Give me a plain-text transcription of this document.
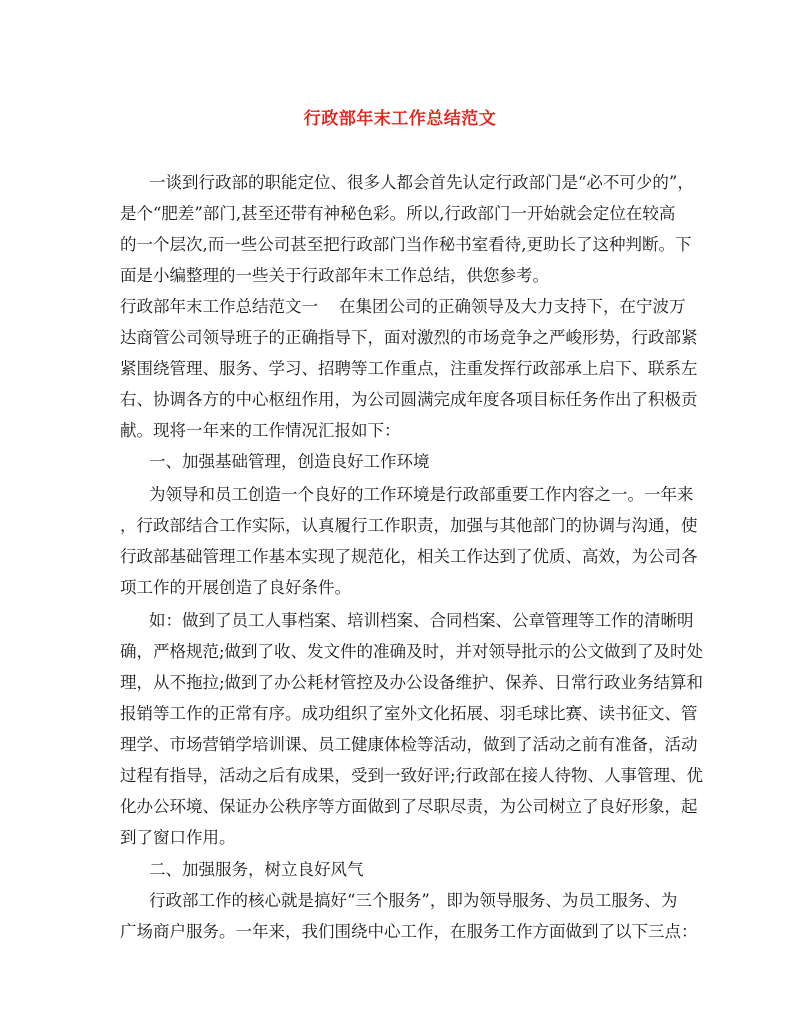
行政部年末工作总结范文
一谈到行政部的职能定位、很多人都会首先认定行政部门是“必不可少的”，
是个“肥差”部门,甚至还带有神秘色彩。所以,行政部门一开始就会定位在较高
的一个层次,而一些公司甚至把行政部门当作秘书室看待,更助长了这种判断。下
面是小编整理的一些关于行政部年末工作总结，供您参考。
行政部年末工作总结范文一 在集团公司的正确领导及大力支持下，在宁波万
达商管公司领导班子的正确指导下，面对激烈的市场竞争之严峻形势，行政部紧
紧围绕管理、服务、学习、招聘等工作重点，注重发挥行政部承上启下、联系左
右、协调各方的中心枢纽作用，为公司圆满完成年度各项目标任务作出了积极贡
献。现将一年来的工作情况汇报如下：
一、加强基础管理，创造良好工作环境
为领导和员工创造一个良好的工作环境是行政部重要工作内容之一。一年来
，行政部结合工作实际，认真履行工作职责，加强与其他部门的协调与沟通，使
行政部基础管理工作基本实现了规范化，相关工作达到了优质、高效，为公司各
项工作的开展创造了良好条件。
如：做到了员工人事档案、培训档案、合同档案、公章管理等工作的清晰明
确，严格规范;做到了收、发文件的准确及时，并对领导批示的公文做到了及时处
理，从不拖拉;做到了办公耗材管控及办公设备维护、保养、日常行政业务结算和
报销等工作的正常有序。成功组织了室外文化拓展、羽毛球比赛、读书征文、管
理学、市场营销学培训课、员工健康体检等活动，做到了活动之前有准备，活动
过程有指导，活动之后有成果，受到一致好评;行政部在接人待物、人事管理、优
化办公环境、保证办公秩序等方面做到了尽职尽责，为公司树立了良好形象，起
到了窗口作用。
二、加强服务，树立良好风气
行政部工作的核心就是搞好“三个服务”，即为领导服务、为员工服务、为
广场商户服务。一年来，我们围绕中心工作，在服务工作方面做到了以下三点：
